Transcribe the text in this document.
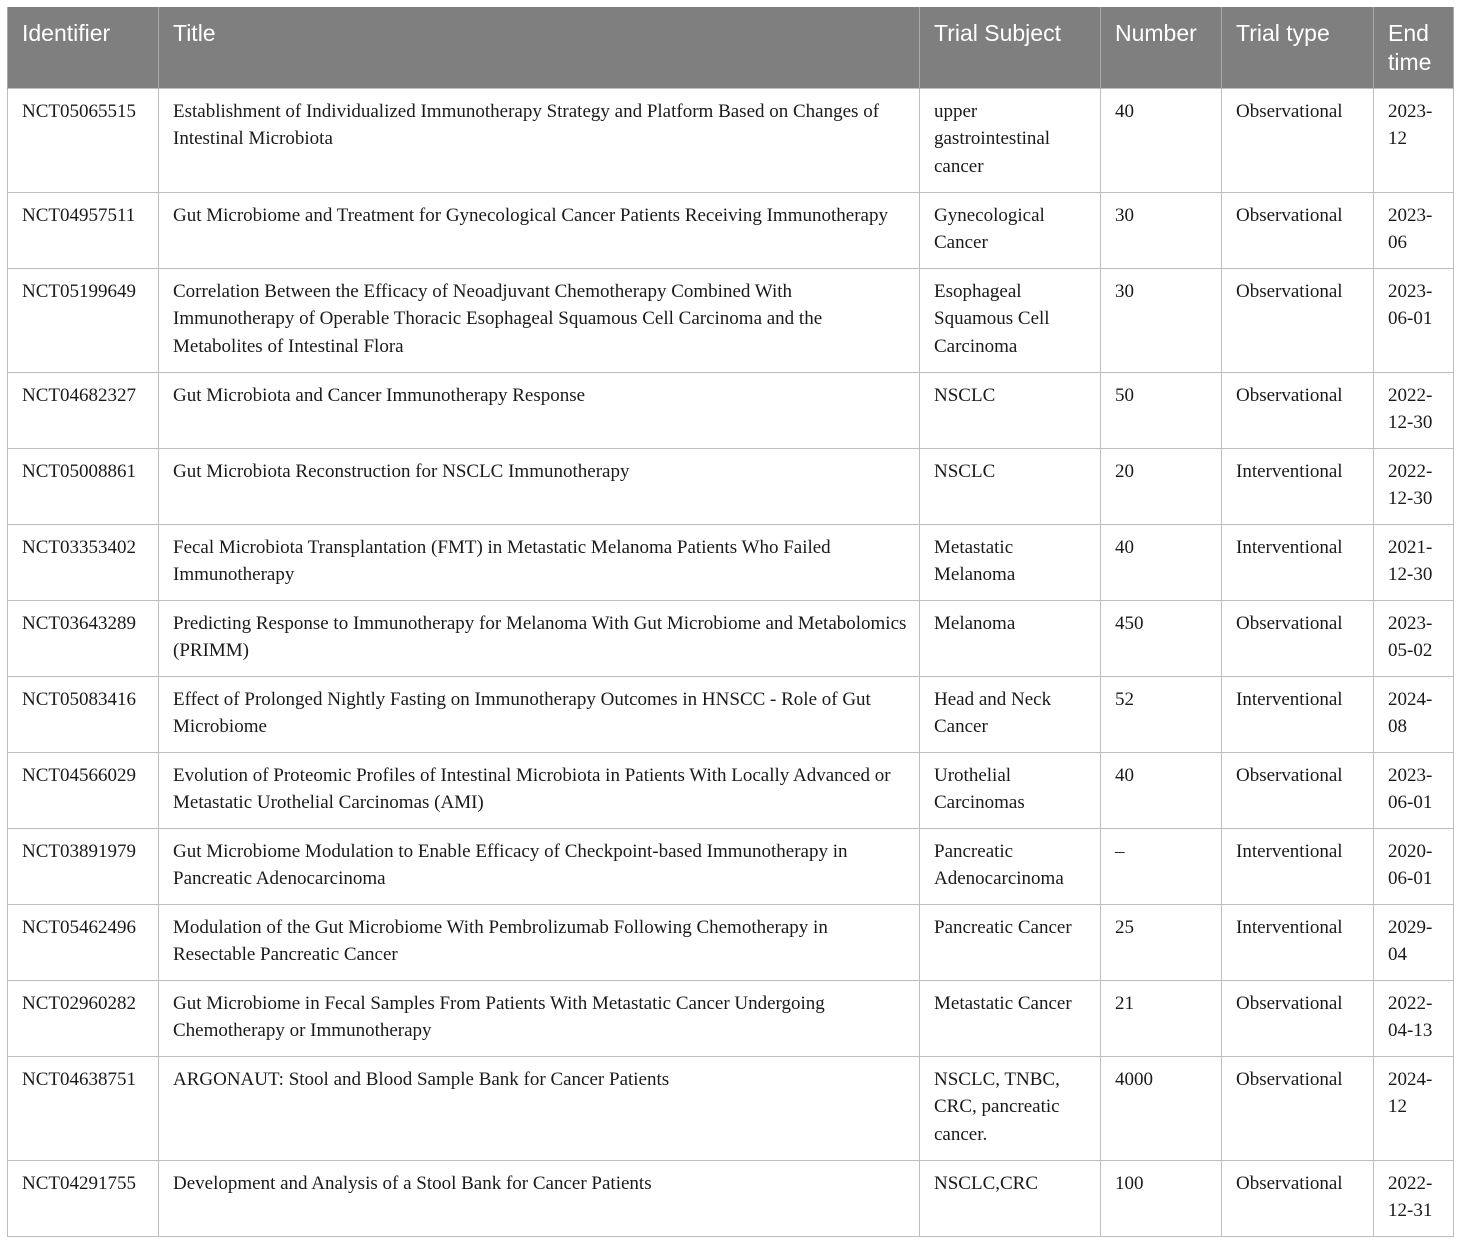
Identifier	Title	Trial Subject	Number	Trial type	End time
NCT05065515	Establishment of Individualized Immunotherapy Strategy and Platform Based on Changes of Intestinal Microbiota	upper gastrointestinal cancer	40	Observational	2023-12
NCT04957511	Gut Microbiome and Treatment for Gynecological Cancer Patients Receiving Immunotherapy	Gynecological Cancer	30	Observational	2023-06
NCT05199649	Correlation Between the Efficacy of Neoadjuvant Chemotherapy Combined With Immunotherapy of Operable Thoracic Esophageal Squamous Cell Carcinoma and the Metabolites of Intestinal Flora	Esophageal Squamous Cell Carcinoma	30	Observational	2023-06-01
NCT04682327	Gut Microbiota and Cancer Immunotherapy Response	NSCLC	50	Observational	2022-12-30
NCT05008861	Gut Microbiota Reconstruction for NSCLC Immunotherapy	NSCLC	20	Interventional	2022-12-30
NCT03353402	Fecal Microbiota Transplantation (FMT) in Metastatic Melanoma Patients Who Failed Immunotherapy	Metastatic Melanoma	40	Interventional	2021-12-30
NCT03643289	Predicting Response to Immunotherapy for Melanoma With Gut Microbiome and Metabolomics (PRIMM)	Melanoma	450	Observational	2023-05-02
NCT05083416	Effect of Prolonged Nightly Fasting on Immunotherapy Outcomes in HNSCC - Role of Gut Microbiome	Head and Neck Cancer	52	Interventional	2024-08
NCT04566029	Evolution of Proteomic Profiles of Intestinal Microbiota in Patients With Locally Advanced or Metastatic Urothelial Carcinomas (AMI)	Urothelial Carcinomas	40	Observational	2023-06-01
NCT03891979	Gut Microbiome Modulation to Enable Efficacy of Checkpoint-based Immunotherapy in Pancreatic Adenocarcinoma	Pancreatic Adenocarcinoma	–	Interventional	2020-06-01
NCT05462496	Modulation of the Gut Microbiome With Pembrolizumab Following Chemotherapy in Resectable Pancreatic Cancer	Pancreatic Cancer	25	Interventional	2029-04
NCT02960282	Gut Microbiome in Fecal Samples From Patients With Metastatic Cancer Undergoing Chemotherapy or Immunotherapy	Metastatic Cancer	21	Observational	2022-04-13
NCT04638751	ARGONAUT: Stool and Blood Sample Bank for Cancer Patients	NSCLC, TNBC, CRC, pancreatic cancer.	4000	Observational	2024-12
NCT04291755	Development and Analysis of a Stool Bank for Cancer Patients	NSCLC,CRC	100	Observational	2022-12-31
